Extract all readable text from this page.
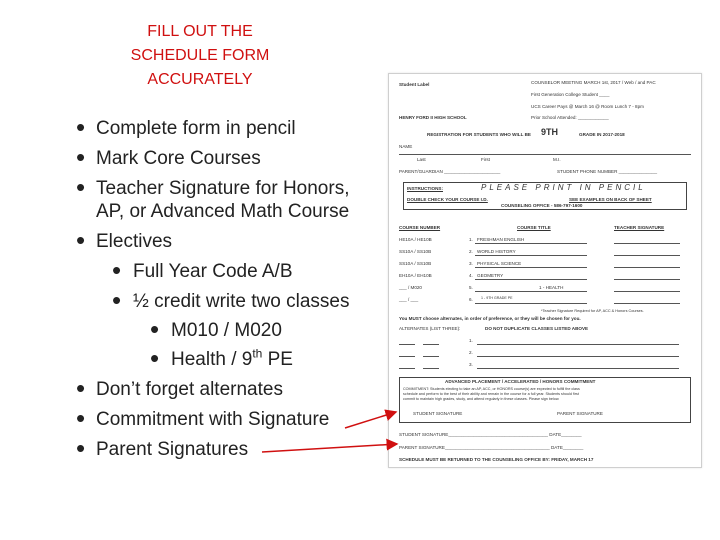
FILL OUT THE
SCHEDULE FORM
ACCURATELY
• Complete form in pencil
• Mark Core Courses
• Teacher Signature for Honors,
AP, or Advanced Math Course
• Electives
• Full Year Code A/B
• ½ credit write two classes
• M010 / M020
• Health / 9th PE
• Don’t forget alternates
• Commitment with Signature
• Parent Signatures
Student Label	COUNSELOR MEETING MARCH 1st, 2017 / Web / and PAC
First Generation College Student ____
UCS Career Pays @ March 16 @ Room Lunch 7 - 8pm
HENRY FORD II HIGH SCHOOL	Prior School Attended: ____________
REGISTRATION FOR STUDENTS WHO WILL BE 9TH	GRADE IN 2017-2018
NAME
Last	First	M.I.
PARENT/GUARDIAN ______________________	STUDENT PHONE NUMBER _______________
INSTRUCTIONS:	PLEASE PRINT IN PENCIL
DOUBLE CHECK YOUR COURSE I.D.	SEE EXAMPLES ON BACK OF SHEET
COUNSELING OFFICE - 586-797-1600
COURSE NUMBER	COURSE TITLE	TEACHER SIGNATURE
HE10A / HE10B	1. FRESHMAN ENGLISH
SS10A / SS10B	2. WORLD HISTORY
SS10A / SS10B	3. PHYSICAL SCIENCE
EH10A / EH10B	4. GEOMETRY
___ / M020	5.	1 - HEALTH
___ / ___	6. 1 - 9TH GRADE PE
*Teacher Signature Required for AP, ACC & Honors Courses.
You MUST choose alternates, in order of preference, or they will be chosen for you.
ALTERNATES (LIST THREE):	DO NOT DUPLICATE CLASSES LISTED ABOVE
1.
2.
3.
ADVANCED PLACEMENT / ACCELERATED / HONORS COMMITMENT
COMMITMENT: Students electing to take an AP, ACC, or HONORS course(s) are expected to fulfill the class
schedule and perform to the best of their ability and remain in the course for a full year. Students should first
commit to maintain high grades, study, and attend regularly in these classes. Please sign below.
STUDENT SIGNATURE	PARENT SIGNATURE
STUDENT SIGNATURE_______________________________________ DATE________
PARENT SIGNATURE_________________________________________ DATE________
SCHEDULE MUST BE RETURNED TO THE COUNSELING OFFICE BY: FRIDAY, MARCH 17
